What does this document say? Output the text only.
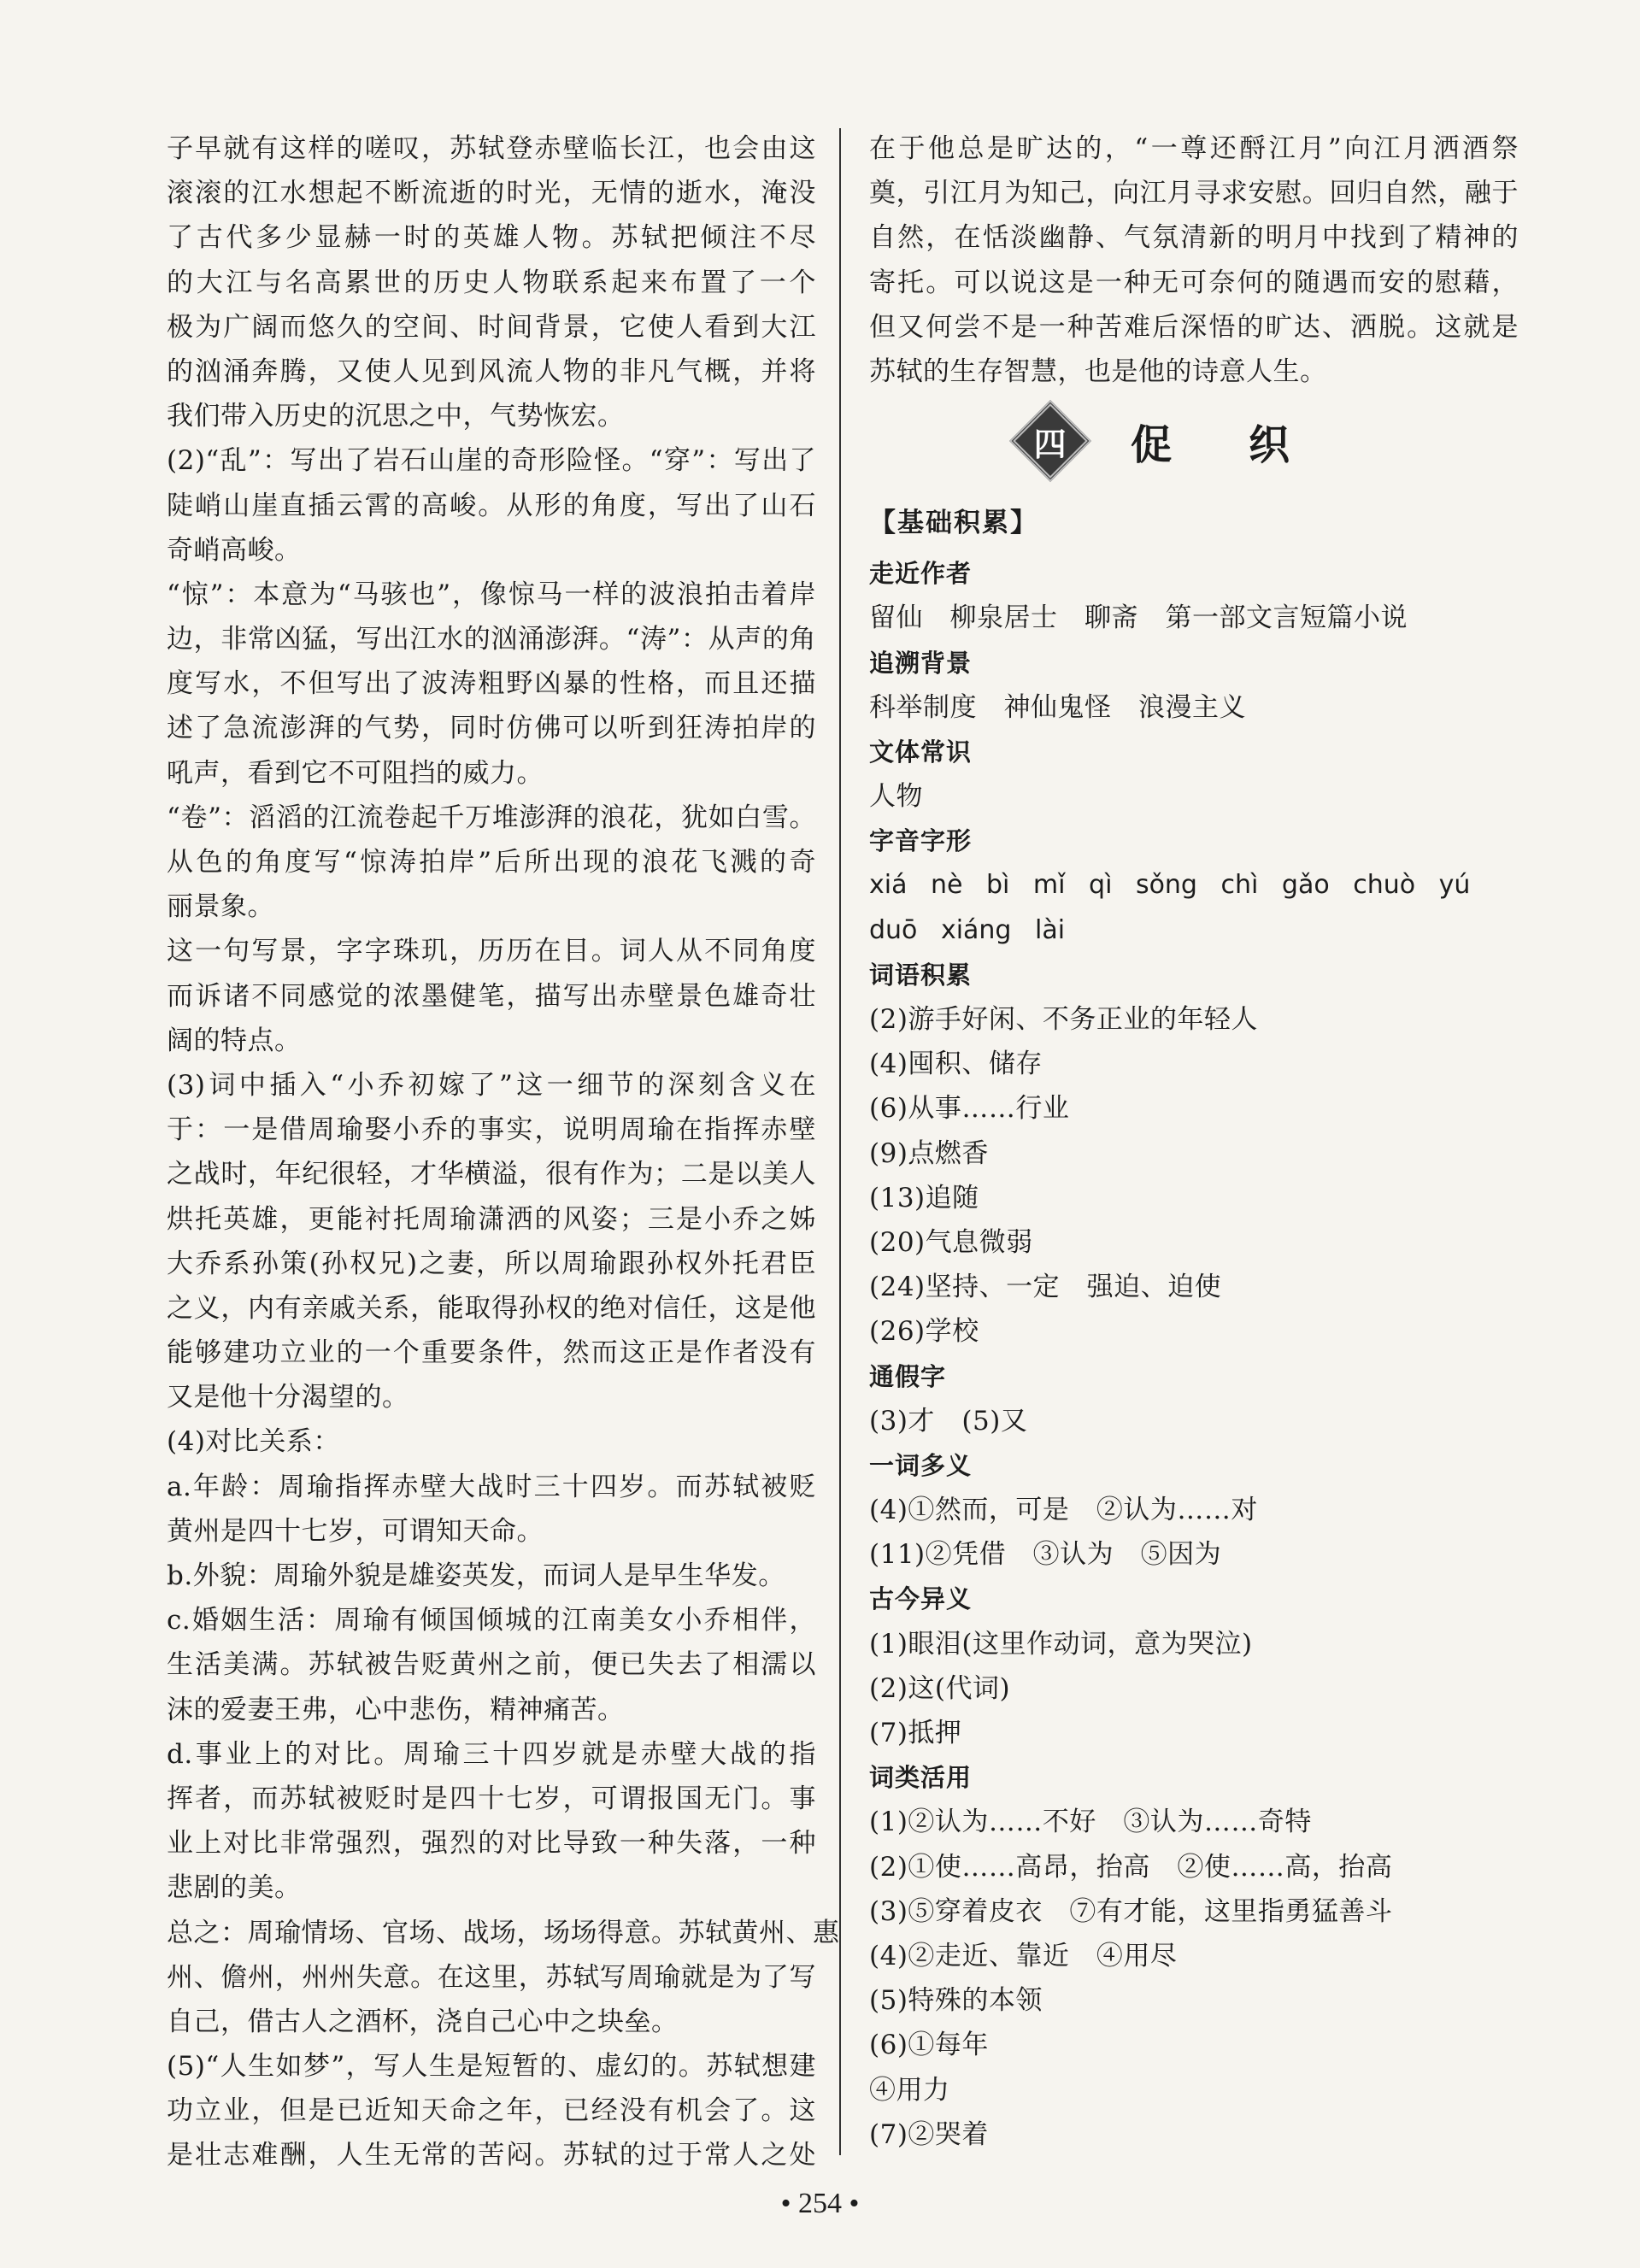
子早就有这样的嗟叹，苏轼登赤壁临长江，也会由这
滚滚的江水想起不断流逝的时光，无情的逝水，淹没
了古代多少显赫一时的英雄人物。苏轼把倾注不尽
的大江与名高累世的历史人物联系起来布置了一个
极为广阔而悠久的空间、时间背景，它使人看到大江
的汹涌奔腾，又使人见到风流人物的非凡气概，并将
我们带入历史的沉思之中，气势恢宏。
(2)“乱”：写出了岩石山崖的奇形险怪。“穿”：写出了
陡峭山崖直插云霄的高峻。从形的角度，写出了山石
奇峭高峻。
“惊”：本意为“马骇也”，像惊马一样的波浪拍击着岸
边，非常凶猛，写出江水的汹涌澎湃。“涛”：从声的角
度写水，不但写出了波涛粗野凶暴的性格，而且还描
述了急流澎湃的气势，同时仿佛可以听到狂涛拍岸的
吼声，看到它不可阻挡的威力。
“卷”：滔滔的江流卷起千万堆澎湃的浪花，犹如白雪。
从色的角度写“惊涛拍岸”后所出现的浪花飞溅的奇
丽景象。
这一句写景，字字珠玑，历历在目。词人从不同角度
而诉诸不同感觉的浓墨健笔，描写出赤壁景色雄奇壮
阔的特点。
(3)词中插入“小乔初嫁了”这一细节的深刻含义在
于：一是借周瑜娶小乔的事实，说明周瑜在指挥赤壁
之战时，年纪很轻，才华横溢，很有作为；二是以美人
烘托英雄，更能衬托周瑜潇洒的风姿；三是小乔之姊
大乔系孙策(孙权兄)之妻，所以周瑜跟孙权外托君臣
之义，内有亲戚关系，能取得孙权的绝对信任，这是他
能够建功立业的一个重要条件，然而这正是作者没有
又是他十分渴望的。
(4)对比关系：
a.年龄：周瑜指挥赤壁大战时三十四岁。而苏轼被贬
黄州是四十七岁，可谓知天命。
b.外貌：周瑜外貌是雄姿英发，而词人是早生华发。
c.婚姻生活：周瑜有倾国倾城的江南美女小乔相伴，
生活美满。苏轼被告贬黄州之前，便已失去了相濡以
沫的爱妻王弗，心中悲伤，精神痛苦。
d.事业上的对比。周瑜三十四岁就是赤壁大战的指
挥者，而苏轼被贬时是四十七岁，可谓报国无门。事
业上对比非常强烈，强烈的对比导致一种失落，一种
悲剧的美。
总之：周瑜情场、官场、战场，场场得意。苏轼黄州、惠
州、儋州，州州失意。在这里，苏轼写周瑜就是为了写
自己，借古人之酒杯，浇自己心中之块垒。
(5)“人生如梦”，写人生是短暂的、虚幻的。苏轼想建
功立业，但是已近知天命之年，已经没有机会了。这
是壮志难酬，人生无常的苦闷。苏轼的过于常人之处
在于他总是旷达的，“一尊还酹江月”向江月洒酒祭
奠，引江月为知己，向江月寻求安慰。回归自然，融于
自然，在恬淡幽静、气氛清新的明月中找到了精神的
寄托。可以说这是一种无可奈何的随遇而安的慰藉，
但又何尝不是一种苦难后深悟的旷达、洒脱。这就是
苏轼的生存智慧，也是他的诗意人生。
四 促织
【基础积累】
走近作者
留仙　柳泉居士　聊斋　第一部文言短篇小说
追溯背景
科举制度　神仙鬼怪　浪漫主义
文体常识
人物
字音字形
xiá nè bì mǐ qì sǒng chì gǎo chuò yú
duō xiáng lài
词语积累
(2)游手好闲、不务正业的年轻人
(4)囤积、储存
(6)从事……行业
(9)点燃香
(13)追随
(20)气息微弱
(24)坚持、一定　强迫、迫使
(26)学校
通假字
(3)才　(5)又
一词多义
(4)①然而，可是　②认为……对
(11)②凭借　③认为　⑤因为
古今异义
(1)眼泪(这里作动词，意为哭泣)
(2)这(代词)
(7)抵押
词类活用
(1)②认为……不好　③认为……奇特
(2)①使……高昂，抬高　②使……高，抬高
(3)⑤穿着皮衣　⑦有才能，这里指勇猛善斗
(4)②走近、靠近　④用尽
(5)特殊的本领
(6)①每年
④用力
(7)②哭着
• 254 •
